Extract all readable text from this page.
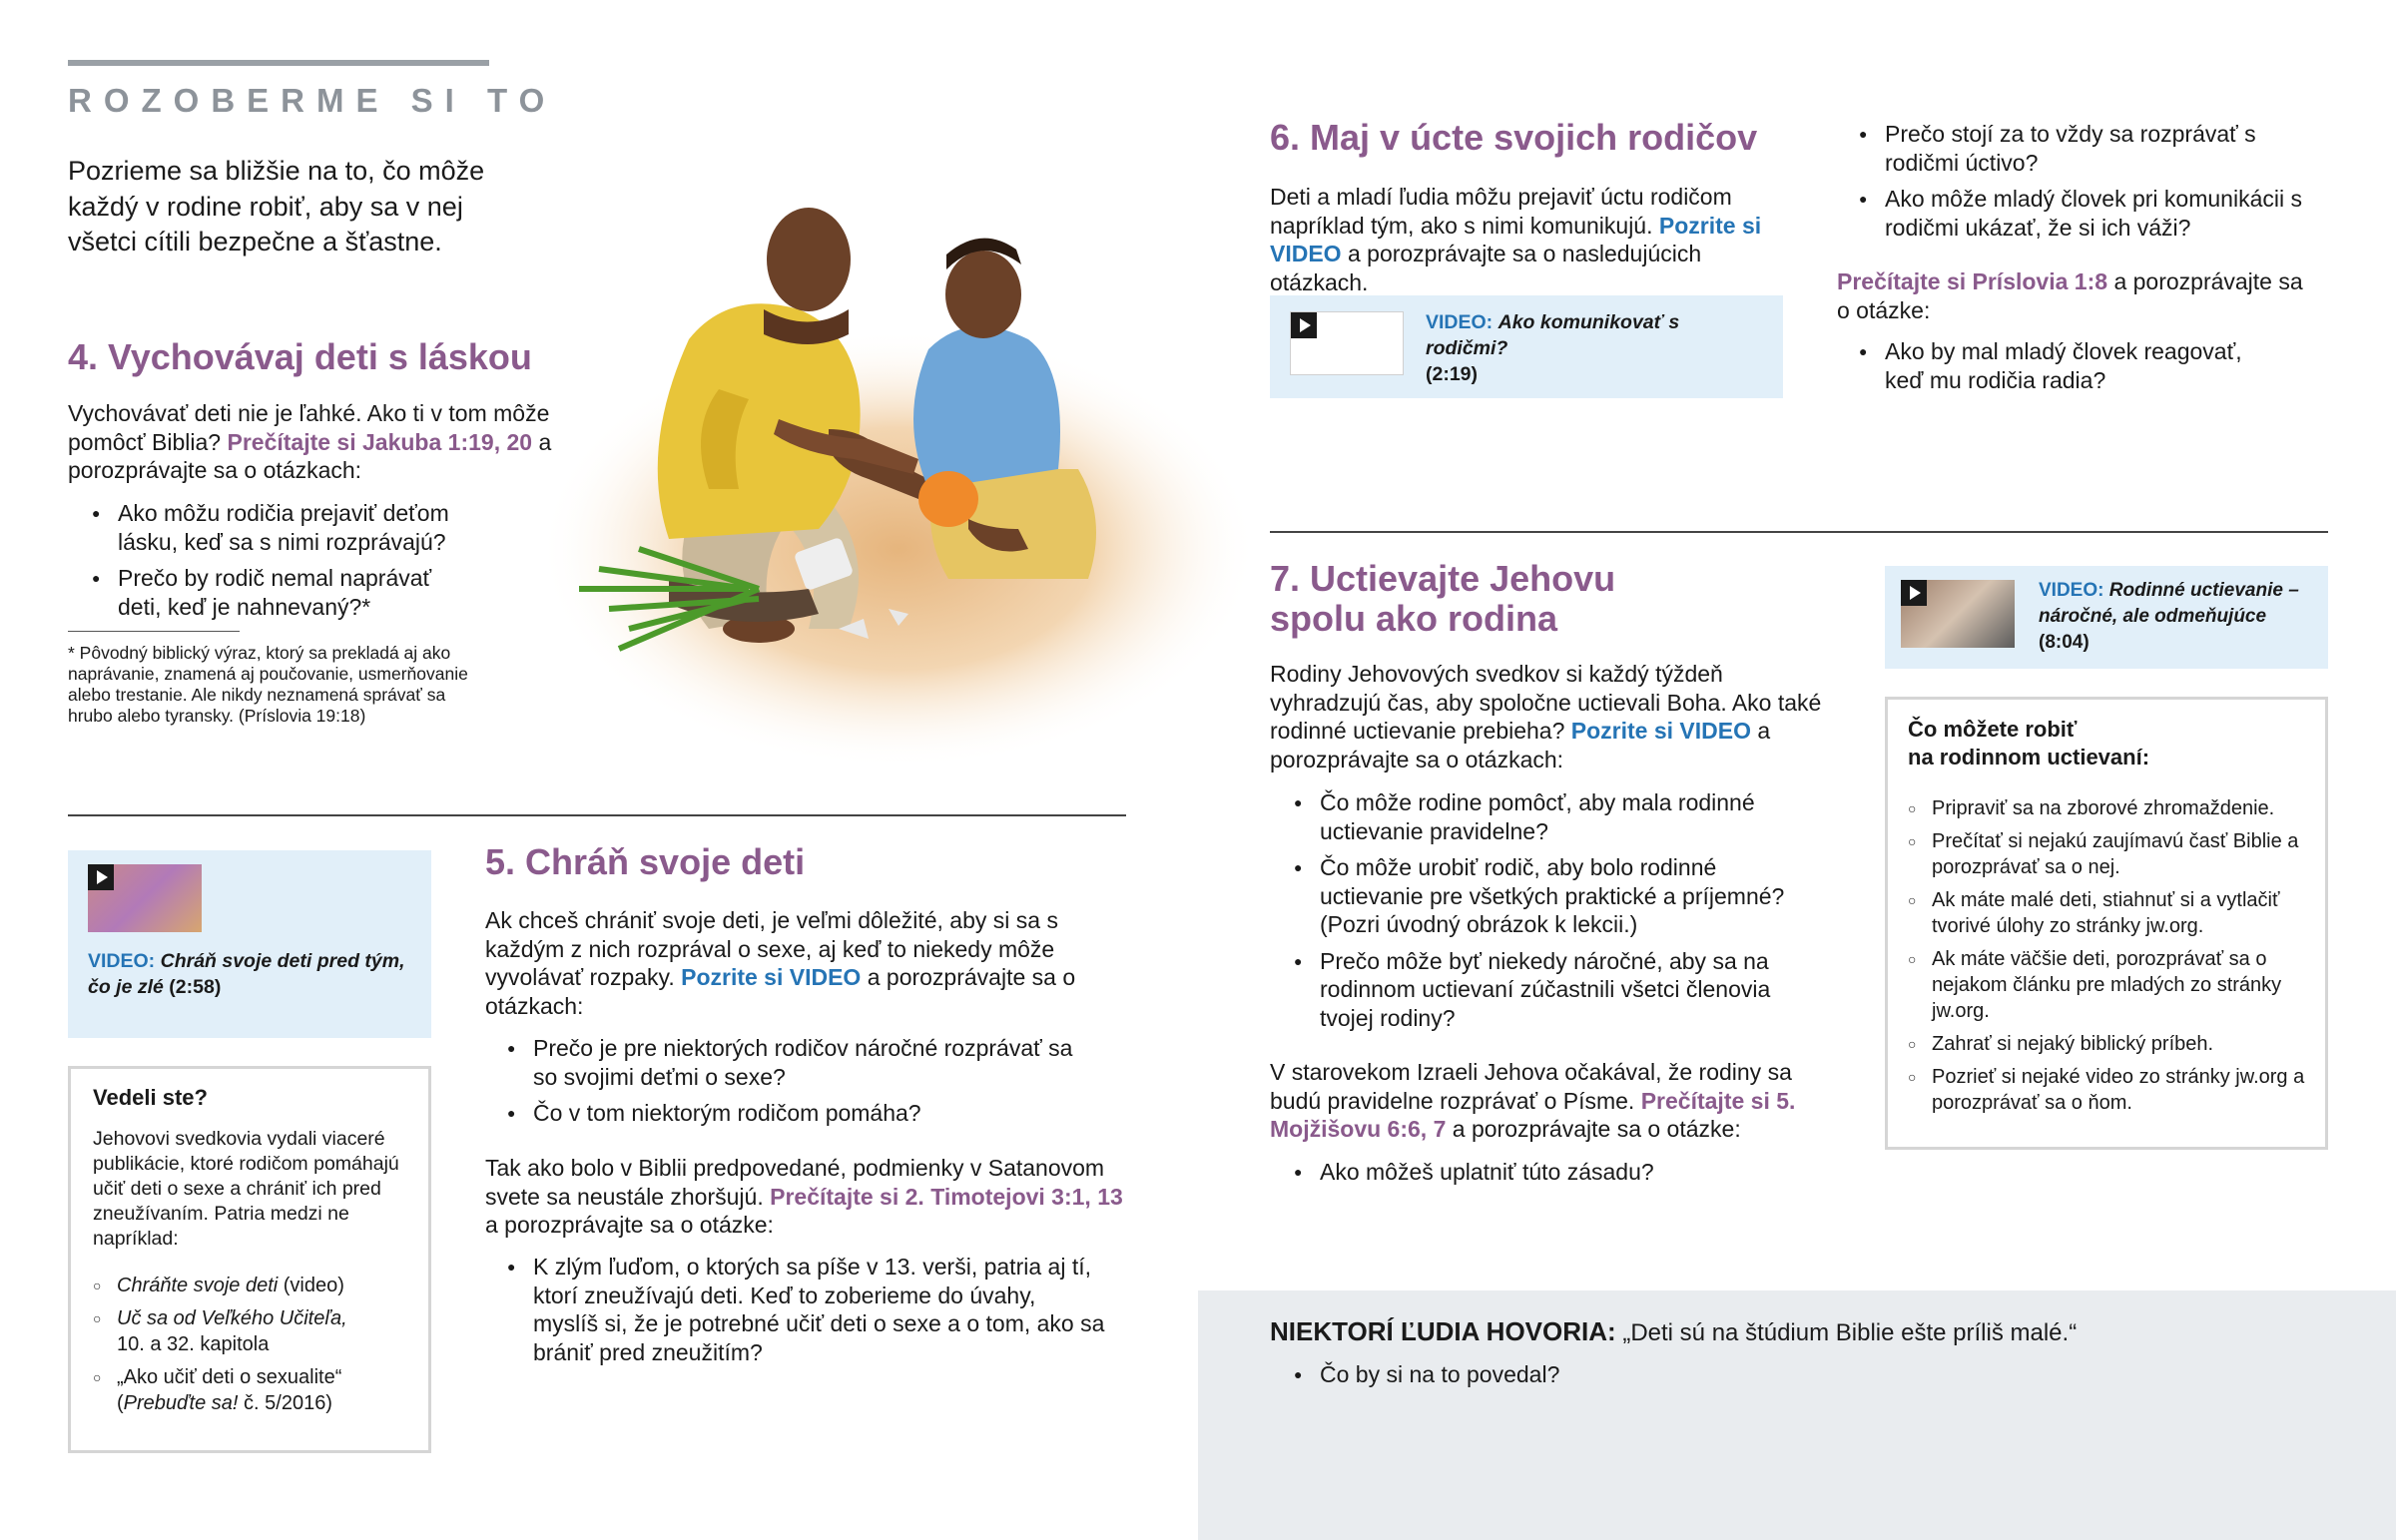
ROZOBERME SI TO
Pozrieme sa bližšie na to, čo môže každý v rodine robiť, aby sa v nej všetci cítili bezpečne a šťastne.
4. Vychovávaj deti s láskou
Vychovávať deti nie je ľahké. Ako ti v tom môže pomôcť Biblia? Prečítajte si Jakuba 1:19, 20 a porozprávajte sa o otázkach:
● Ako môžu rodičia prejaviť deťom lásku, keď sa s nimi rozprávajú?
● Prečo by rodič nemal naprávať deti, keď je nahnevaný?*
* Pôvodný biblický výraz, ktorý sa prekladá aj ako naprávanie, znamená aj poučovanie, usmerňovanie alebo trestanie. Ale nikdy neznamená správať sa hrubo alebo tyransky. (Príslovia 19:18)
VIDEO: Chráň svoje deti pred tým, čo je zlé (2:58)
Vedeli ste?
Jehovovi svedkovia vydali viaceré publikácie, ktoré rodičom pomáhajú učiť deti o sexe a chrániť ich pred zneužívaním. Patria medzi ne napríklad:
○ Chráňte svoje deti (video)
○ Uč sa od Veľkého Učiteľa,
10. a 32. kapitola
○ „Ako učiť deti o sexualite“
(Prebuďte sa! č. 5/2016)
5. Chráň svoje deti
Ak chceš chrániť svoje deti, je veľmi dôležité, aby si sa s každým z nich rozprával o sexe, aj keď to niekedy môže vyvolávať rozpaky. Pozrite si VIDEO a porozprávajte sa o otázkach:
● Prečo je pre niektorých rodičov náročné rozprávať sa so svojimi deťmi o sexe?
● Čo v tom niektorým rodičom pomáha?
Tak ako bolo v Biblii predpovedané, podmienky v Satanovom svete sa neustále zhoršujú. Prečítajte si 2. Timotejovi 3:1, 13 a porozprávajte sa o otázke:
● K zlým ľuďom, o ktorých sa píše v 13. verši, patria aj tí, ktorí zneužívajú deti. Keď to zoberieme do úvahy, myslíš si, že je potrebné učiť deti o sexe a o tom, ako sa brániť pred zneužitím?
6. Maj v úcte svojich rodičov
Deti a mladí ľudia môžu prejaviť úctu rodičom napríklad tým, ako s nimi komunikujú. Pozrite si VIDEO a porozprávajte sa o nasledujúcich otázkach.
VIDEO: Ako komunikovať s rodičmi?
(2:19)
● Prečo stojí za to vždy sa rozprávať s rodičmi úctivo?
● Ako môže mladý človek pri komunikácii s rodičmi ukázať, že si ich váži?
Prečítajte si Príslovia 1:8 a porozprávajte sa o otázke:
● Ako by mal mladý človek reagovať, keď mu rodičia radia?
7. Uctievajte Jehovu
spolu ako rodina
Rodiny Jehovových svedkov si každý týždeň vyhradzujú čas, aby spoločne uctievali Boha. Ako také rodinné uctievanie prebieha? Pozrite si VIDEO a porozprávajte sa o otázkach:
● Čo môže rodine pomôcť, aby mala rodinné uctievanie pravidelne?
● Čo môže urobiť rodič, aby bolo rodinné uctievanie pre všetkých praktické a príjemné? (Pozri úvodný obrázok k lekcii.)
● Prečo môže byť niekedy náročné, aby sa na rodinnom uctievaní zúčastnili všetci členovia tvojej rodiny?
V starovekom Izraeli Jehova očakával, že rodiny sa budú pravidelne rozprávať o Písme. Prečítajte si 5. Mojžišovu 6:6, 7 a porozprávajte sa o otázke:
● Ako môžeš uplatniť túto zásadu?
VIDEO: Rodinné uctievanie – náročné, ale odmeňujúce
(8:04)
Čo môžete robiť
na rodinnom uctievaní:
○ Pripraviť sa na zborové zhromaždenie.
○ Prečítať si nejakú zaujímavú časť Biblie a porozprávať sa o nej.
○ Ak máte malé deti, stiahnuť si a vytlačiť tvorivé úlohy zo stránky jw.org.
○ Ak máte väčšie deti, porozprávať sa o nejakom článku pre mladých zo stránky jw.org.
○ Zahrať si nejaký biblický príbeh.
○ Pozrieť si nejaké video zo stránky jw.org a porozprávať sa o ňom.
NIEKTORÍ ĽUDIA HOVORIA: „Deti sú na štúdium Biblie ešte príliš malé.“
● Čo by si na to povedal?
